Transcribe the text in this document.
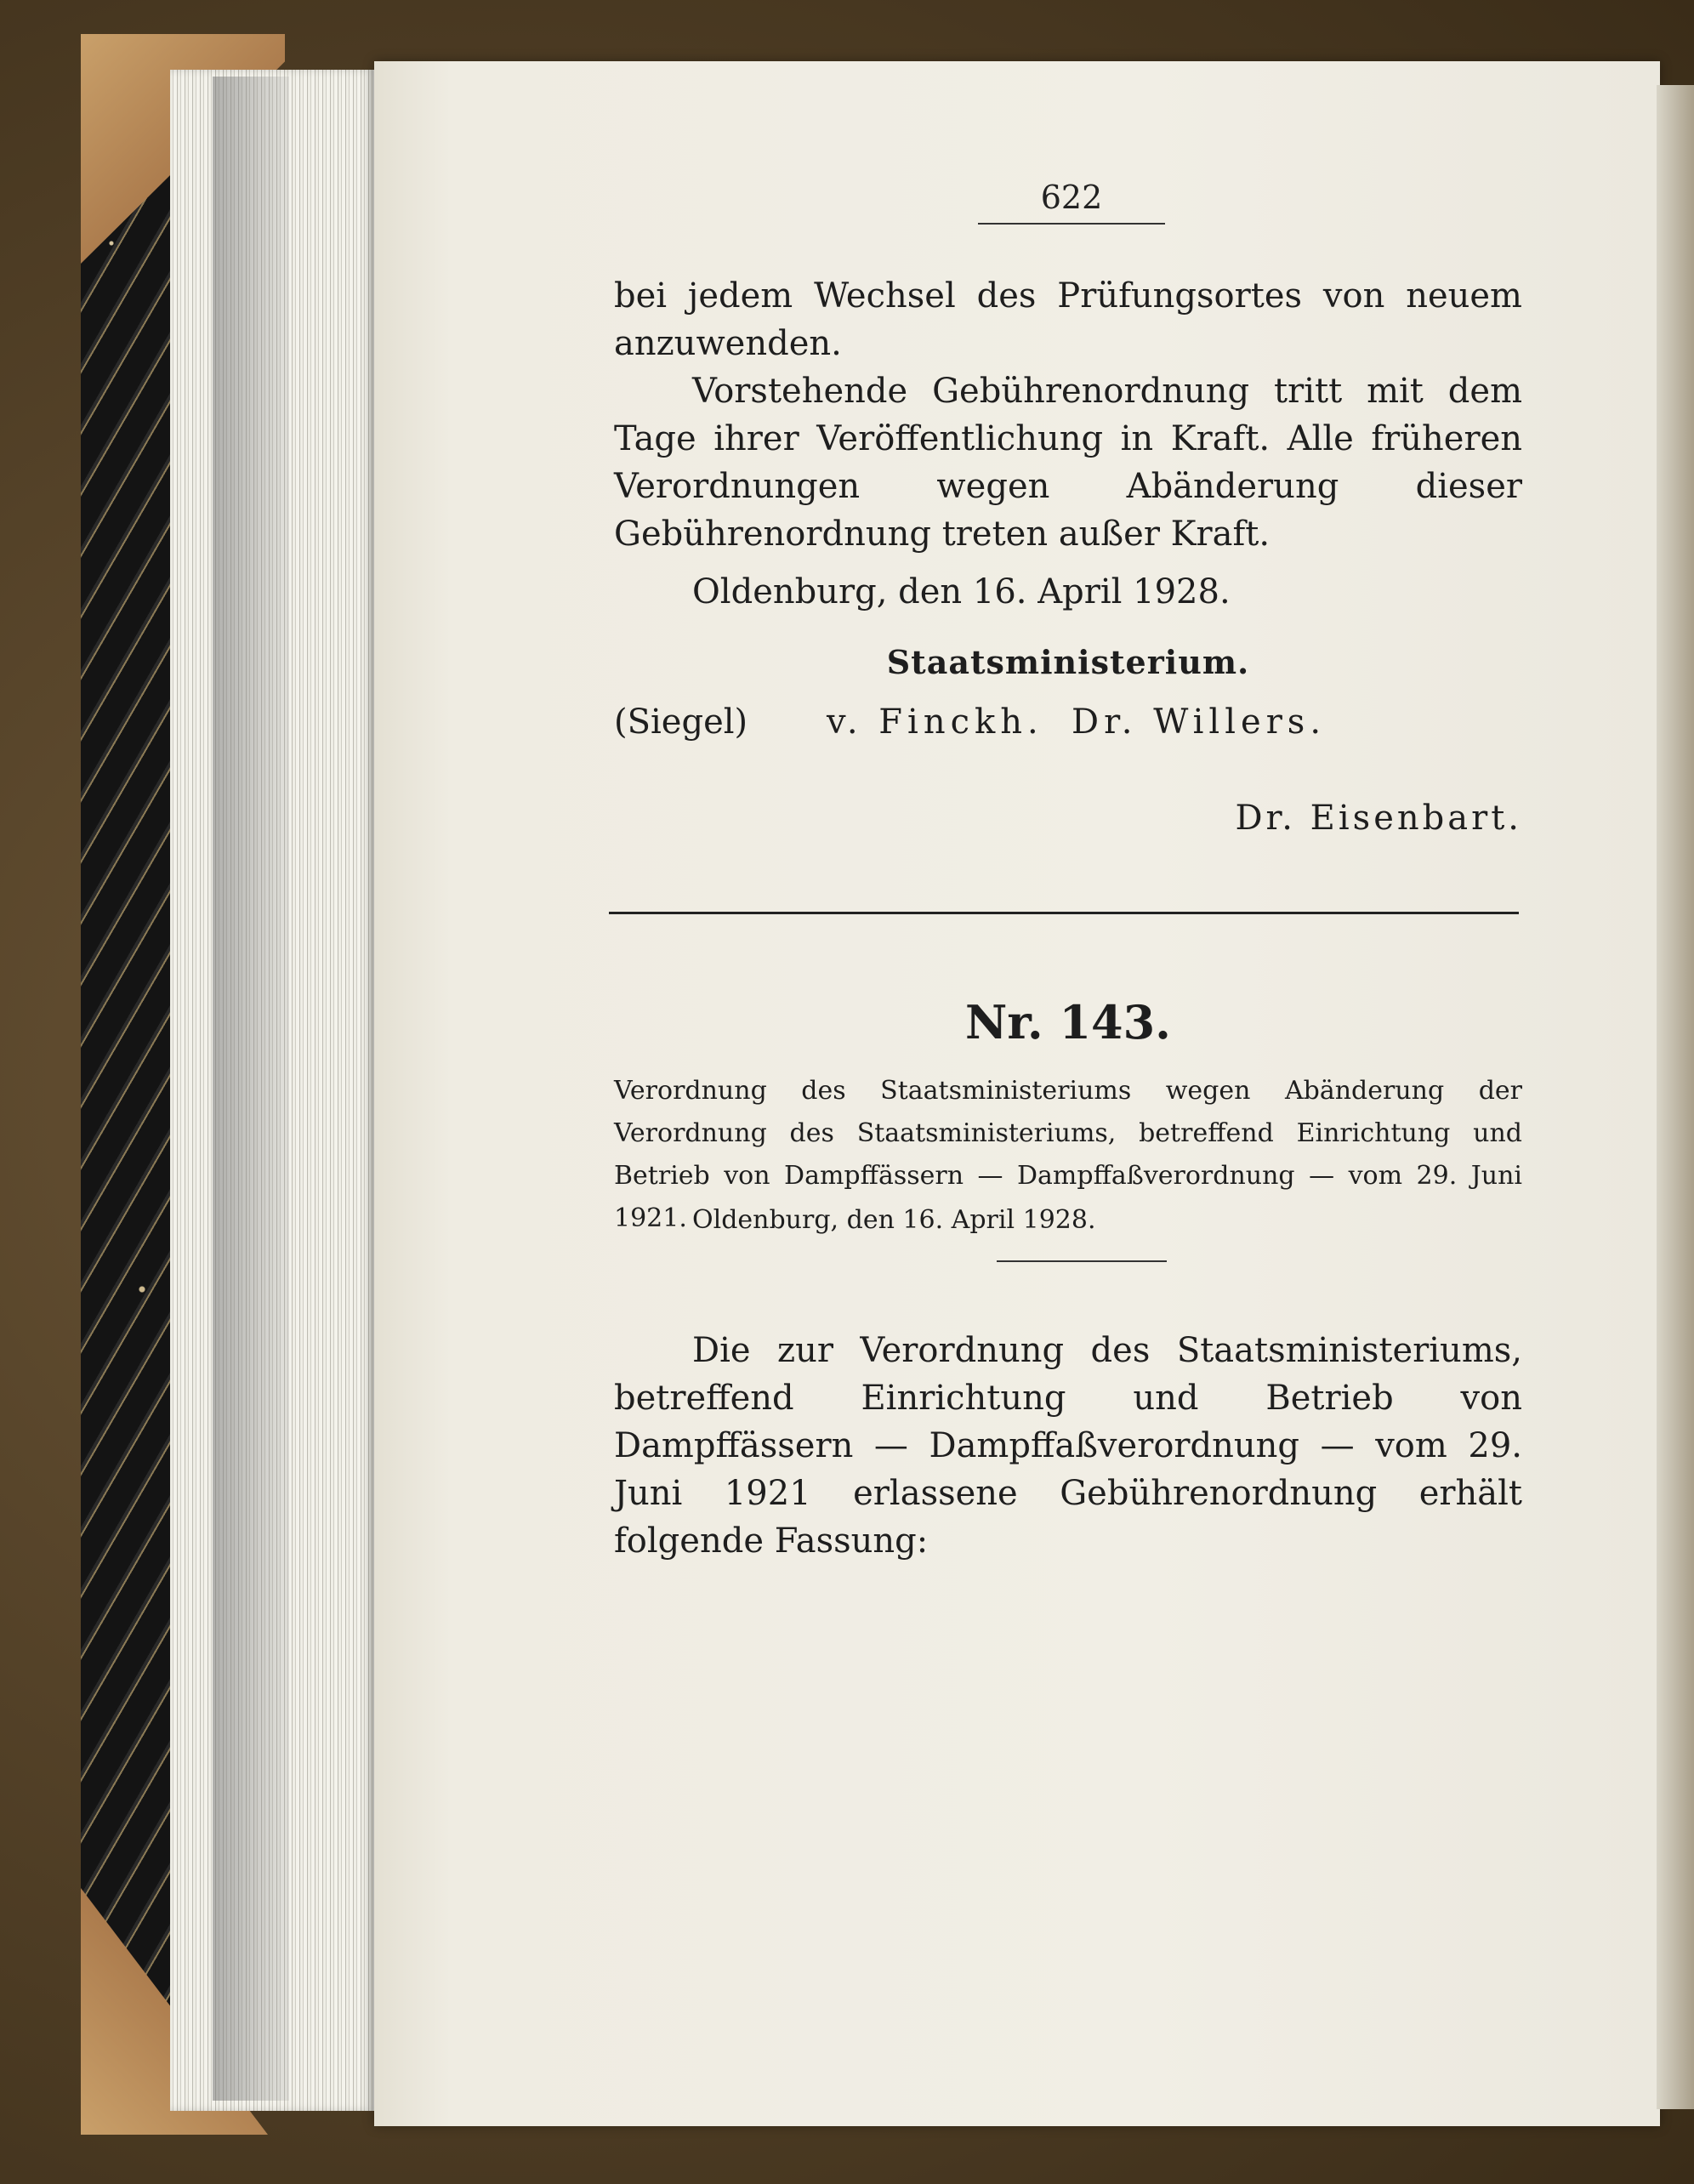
622

bei jedem Wechsel des Prüfungsortes von neuem anzuwenden.

Vorstehende Gebührenordnung tritt mit dem Tage ihrer Veröffentlichung in Kraft. Alle früheren Verordnungen wegen Abänderung dieser Gebührenordnung treten außer Kraft.

Oldenburg, den 16. April 1928.
Staatsministerium.
(Siegel) v. Finckh. Dr. Willers.
Dr. Eisenbart.
Nr. 143.

Verordnung des Staatsministeriums wegen Abänderung der Verordnung des Staatsministeriums, betreffend Einrichtung und Betrieb von Dampffässern — Dampffaßverordnung — vom 29. Juni 1921. Oldenburg, den 16. April 1928.

Die zur Verordnung des Staatsministeriums, betreffend Einrichtung und Betrieb von Dampffässern — Dampffaßverordnung — vom 29. Juni 1921 erlassene Gebührenordnung erhält folgende Fassung:
